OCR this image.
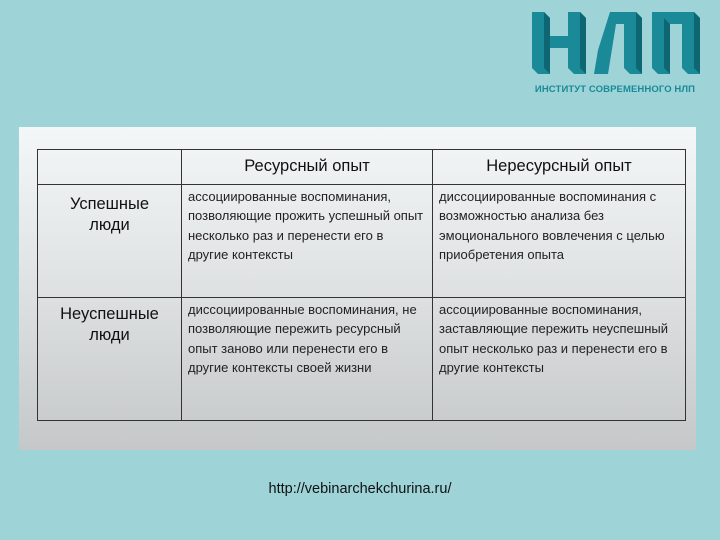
ИНСТИТУТ СОВРЕМЕННОГО НЛП
	Ресурсный опыт	Нересурсный опыт
Успешные люди	ассоциированные воспоминания, позволяющие прожить успешный опыт несколько раз и перенести его в другие контексты	диссоциированные воспоминания с возможностью анализа без эмоционального вовлечения с целью приобретения опыта
Неуспешные люди	диссоциированные воспоминания, не позволяющие пережить ресурсный опыт заново или перенести его в другие контексты своей жизни	ассоциированные воспоминания, заставляющие пережить неуспешный опыт несколько раз и перенести его в другие контексты
http://vebinarchekchurina.ru/
